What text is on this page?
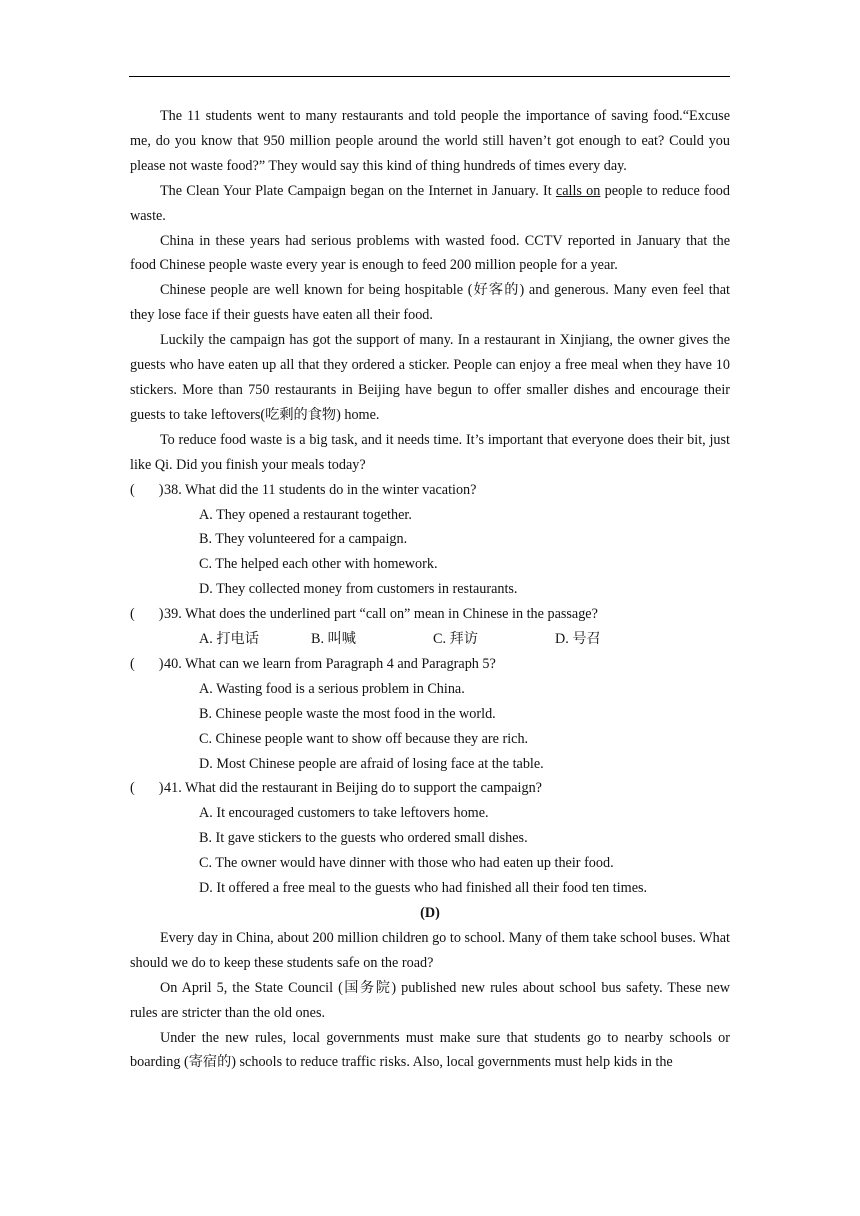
The 11 students went to many restaurants and told people the importance of saving food.“Excuse me, do you know that 950 million people around the world still haven’t got enough to eat? Could you please not waste food?” They would say this kind of thing hundreds of times every day.

The Clean Your Plate Campaign began on the Internet in January. It calls on people to reduce food waste.

China in these years had serious problems with wasted food. CCTV reported in January that the food Chinese people waste every year is enough to feed 200 million people for a year.

Chinese people are well known for being hospitable (好客的) and generous. Many even feel that they lose face if their guests have eaten all their food.

Luckily the campaign has got the support of many. In a restaurant in Xinjiang, the owner gives the guests who have eaten up all that they ordered a sticker. People can enjoy a free meal when they have 10 stickers. More than 750 restaurants in Beijing have begun to offer smaller dishes and encourage their guests to take leftovers(吃剩的食物) home.

To reduce food waste is a big task, and it needs time. It’s important that everyone does their bit, just like Qi. Did you finish your meals today?

( )38. What did the 11 students do in the winter vacation?

A. They opened a restaurant together.

B. They volunteered for a campaign.

C. The helped each other with homework.

D. They collected money from customers in restaurants.

( )39. What does the underlined part “call on” mean in Chinese in the passage?

A. 打电话	B. 叫喊	C. 拜访	D. 号召

( )40. What can we learn from Paragraph 4 and Paragraph 5?

A. Wasting food is a serious problem in China.

B. Chinese people waste the most food in the world.

C. Chinese people want to show off because they are rich.

D. Most Chinese people are afraid of losing face at the table.

( )41. What did the restaurant in Beijing do to support the campaign?

A. It encouraged customers to take leftovers home.

B. It gave stickers to the guests who ordered small dishes.

C. The owner would have dinner with those who had eaten up their food.

D. It offered a free meal to the guests who had finished all their food ten times.

(D)

Every day in China, about 200 million children go to school. Many of them take school buses. What should we do to keep these students safe on the road?

On April 5, the State Council (国务院) published new rules about school bus safety. These new rules are stricter than the old ones.

Under the new rules, local governments must make sure that students go to nearby schools or boarding (寄宿的) schools to reduce traffic risks. Also, local governments must help kids in the
